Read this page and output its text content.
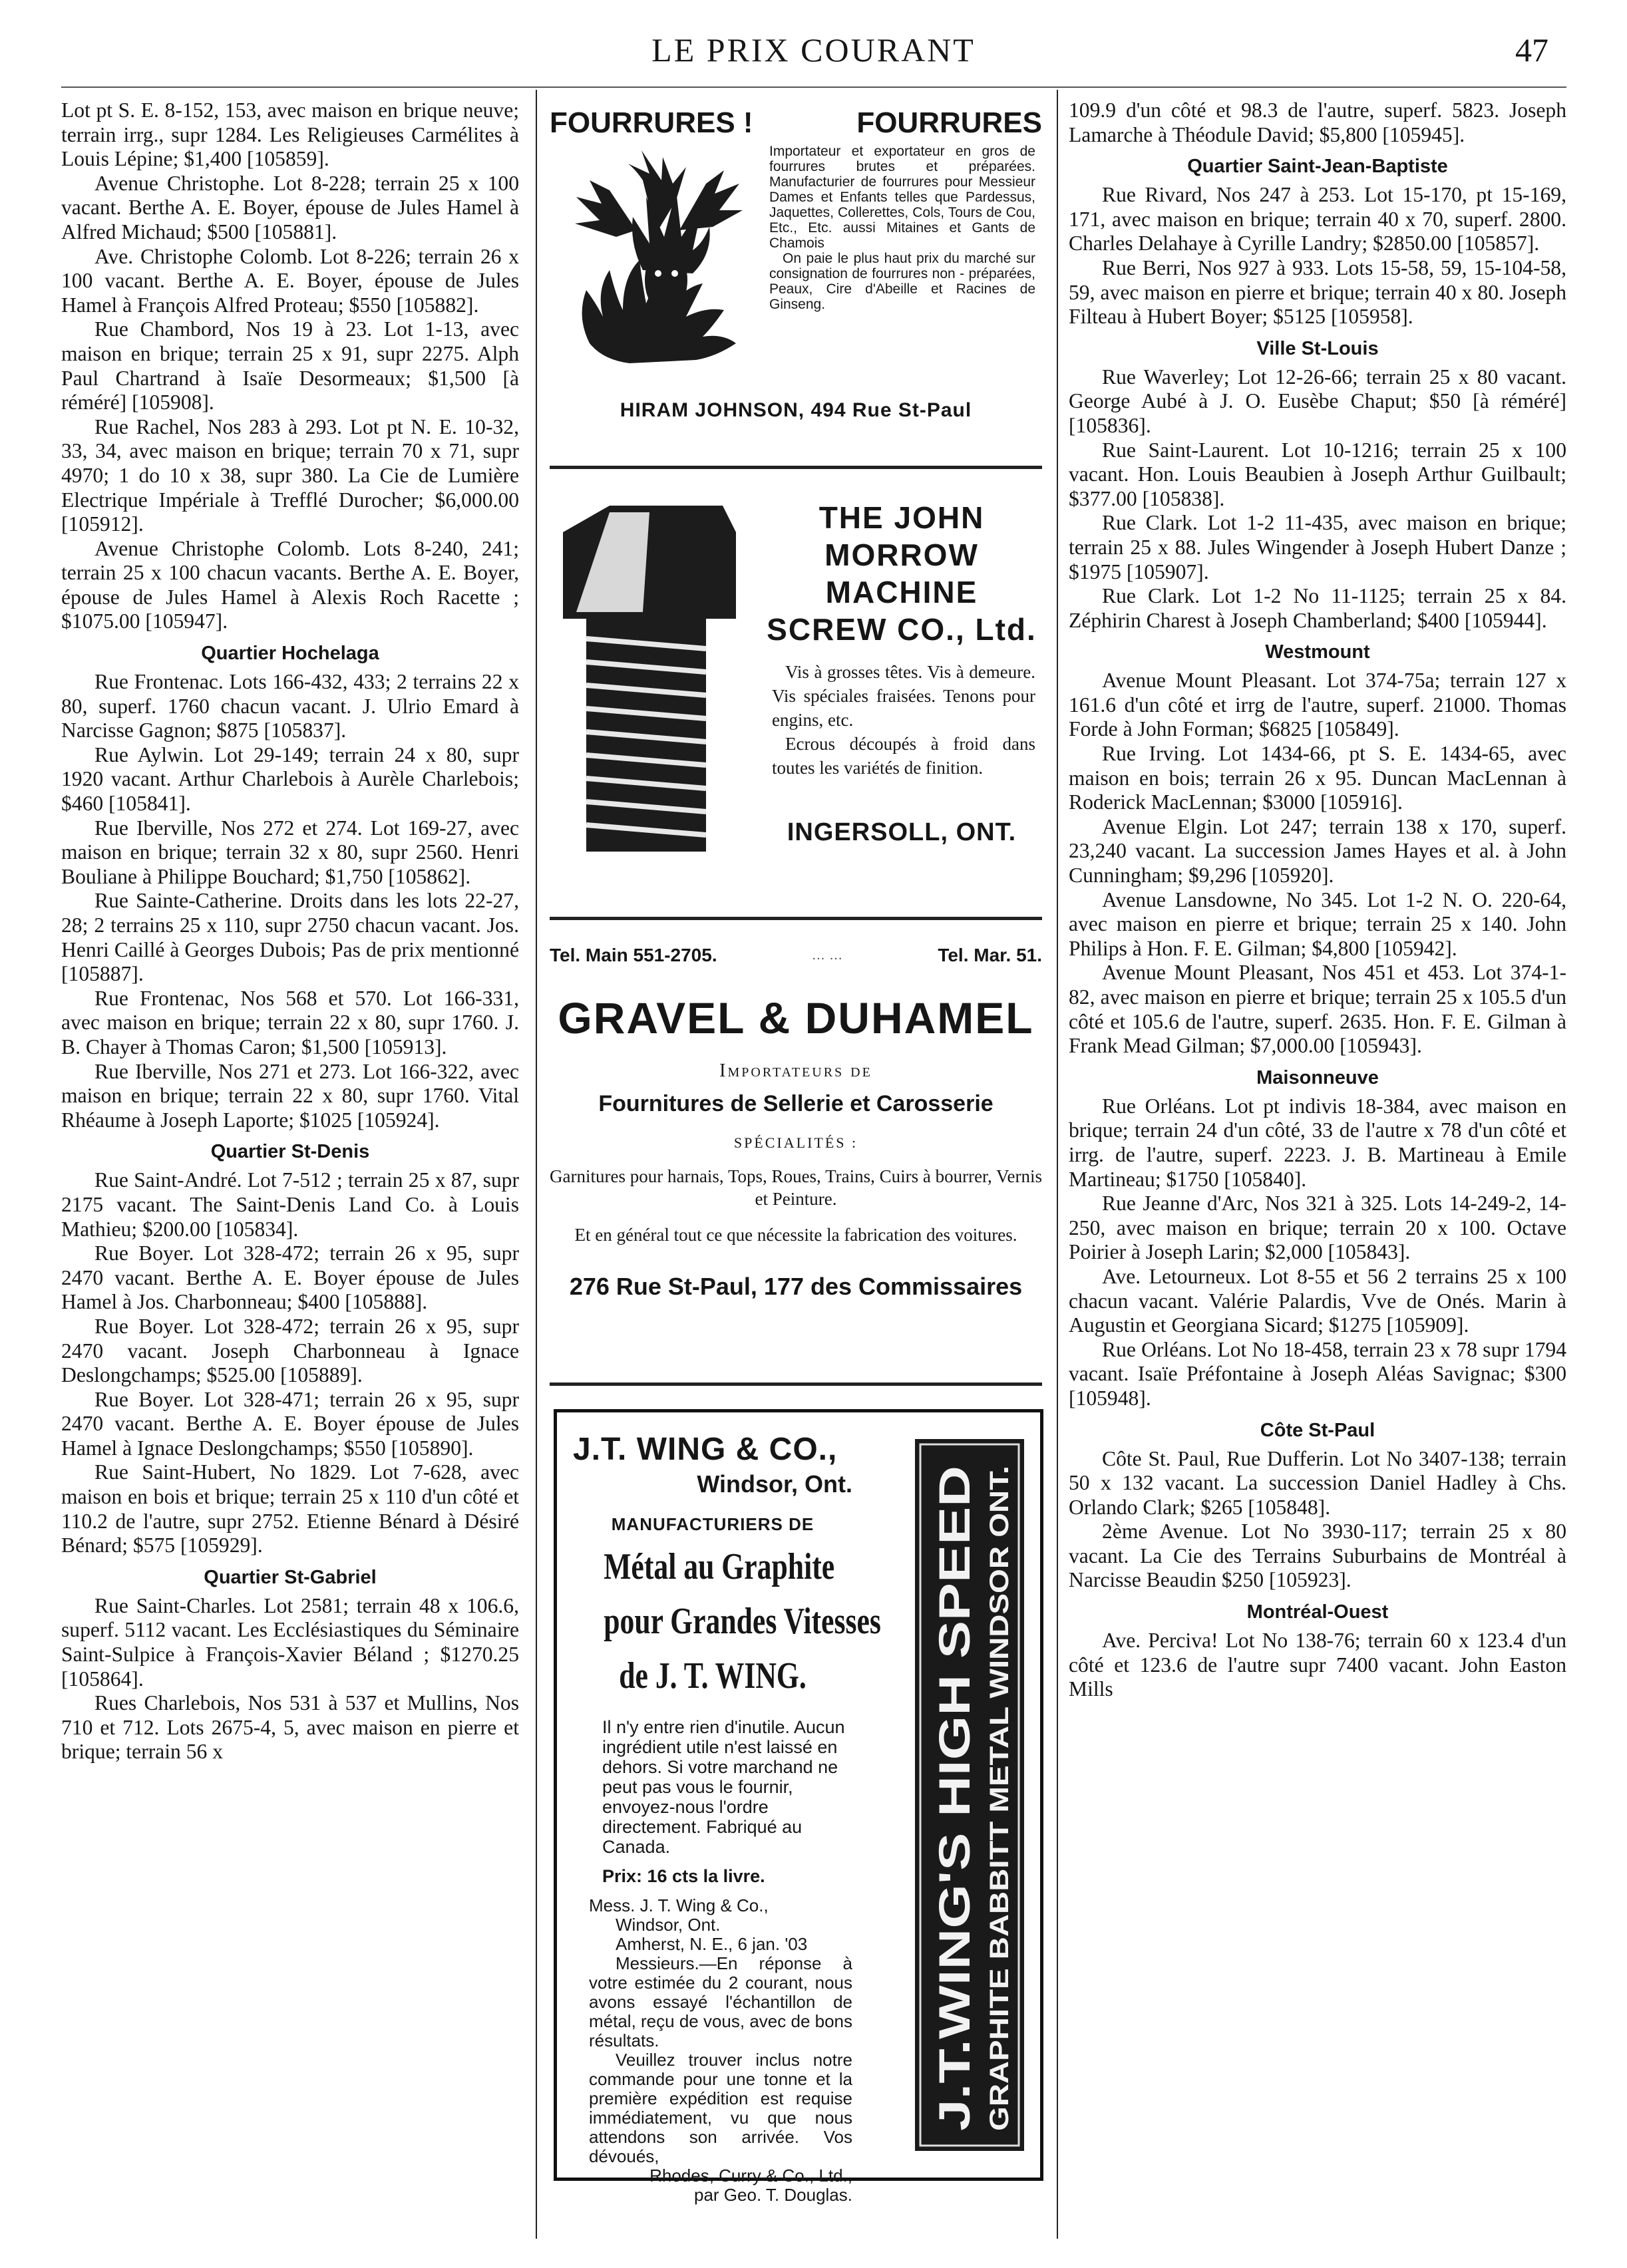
LE PRIX COURANT	47

Lot pt S. E. 8-152, 153, avec maison en brique neuve; terrain irrg., supr 1284. Les Religieuses Carmélites à Louis Lépine; $1,400 [105859].

Avenue Christophe. Lot 8-228; terrain 25 x 100 vacant. Berthe A. E. Boyer, épouse de Jules Hamel à Alfred Michaud; $500 [105881].

Ave. Christophe Colomb. Lot 8-226; terrain 26 x 100 vacant. Berthe A. E. Boyer, épouse de Jules Hamel à François Alfred Proteau; $550 [105882].

Rue Chambord, Nos 19 à 23. Lot 1-13, avec maison en brique; terrain 25 x 91, supr 2275. Alph Paul Chartrand à Isaïe Desormeaux; $1,500 [à réméré] [105908].

Rue Rachel, Nos 283 à 293. Lot pt N. E. 10-32, 33, 34, avec maison en brique; terrain 70 x 71, supr 4970; 1 do 10 x 38, supr 380. La Cie de Lumière Electrique Impériale à Trefflé Durocher; $6,000.00 [105912].

Avenue Christophe Colomb. Lots 8-240, 241; terrain 25 x 100 chacun vacants. Berthe A. E. Boyer, épouse de Jules Hamel à Alexis Roch Racette ; $1075.00 [105947].

Quartier Hochelaga

Rue Frontenac. Lots 166-432, 433; 2 terrains 22 x 80, superf. 1760 chacun vacant. J. Ulrio Emard à Narcisse Gagnon; $875 [105837].

Rue Aylwin. Lot 29-149; terrain 24 x 80, supr 1920 vacant. Arthur Charlebois à Aurèle Charlebois; $460 [105841].

Rue Iberville, Nos 272 et 274. Lot 169-27, avec maison en brique; terrain 32 x 80, supr 2560. Henri Bouliane à Philippe Bouchard; $1,750 [105862].

Rue Sainte-Catherine. Droits dans les lots 22-27, 28; 2 terrains 25 x 110, supr 2750 chacun vacant. Jos. Henri Caillé à Georges Dubois; Pas de prix mentionné [105887].

Rue Frontenac, Nos 568 et 570. Lot 166-331, avec maison en brique; terrain 22 x 80, supr 1760. J. B. Chayer à Thomas Caron; $1,500 [105913].

Rue Iberville, Nos 271 et 273. Lot 166-322, avec maison en brique; terrain 22 x 80, supr 1760. Vital Rhéaume à Joseph Laporte; $1025 [105924].

Quartier St-Denis

Rue Saint-André. Lot 7-512 ; terrain 25 x 87, supr 2175 vacant. The Saint-Denis Land Co. à Louis Mathieu; $200.00 [105834].

Rue Boyer. Lot 328-472; terrain 26 x 95, supr 2470 vacant. Berthe A. E. Boyer épouse de Jules Hamel à Jos. Charbonneau; $400 [105888].

Rue Boyer. Lot 328-472; terrain 26 x 95, supr 2470 vacant. Joseph Charbonneau à Ignace Deslongchamps; $525.00 [105889].

Rue Boyer. Lot 328-471; terrain 26 x 95, supr 2470 vacant. Berthe A. E. Boyer épouse de Jules Hamel à Ignace Deslongchamps; $550 [105890].

Rue Saint-Hubert, No 1829. Lot 7-628, avec maison en bois et brique; terrain 25 x 110 d'un côté et 110.2 de l'autre, supr 2752. Etienne Bénard à Désiré Bénard; $575 [105929].

Quartier St-Gabriel

Rue Saint-Charles. Lot 2581; terrain 48 x 106.6, superf. 5112 vacant. Les Ecclésiastiques du Séminaire Saint-Sulpice à François-Xavier Béland ; $1270.25 [105864].

Rues Charlebois, Nos 531 à 537 et Mullins, Nos 710 et 712. Lots 2675-4, 5, avec maison en pierre et brique; terrain 56 x

109.9 d'un côté et 98.3 de l'autre, superf. 5823. Joseph Lamarche à Théodule David; $5,800 [105945].

Quartier Saint-Jean-Baptiste

Rue Rivard, Nos 247 à 253. Lot 15-170, pt 15-169, 171, avec maison en brique; terrain 40 x 70, superf. 2800. Charles Delahaye à Cyrille Landry; $2850.00 [105857].

Rue Berri, Nos 927 à 933. Lots 15-58, 59, 15-104-58, 59, avec maison en pierre et brique; terrain 40 x 80. Joseph Filteau à Hubert Boyer; $5125 [105958].

Ville St-Louis

Rue Waverley; Lot 12-26-66; terrain 25 x 80 vacant. George Aubé à J. O. Eusèbe Chaput; $50 [à réméré] [105836].

Rue Saint-Laurent. Lot 10-1216; terrain 25 x 100 vacant. Hon. Louis Beaubien à Joseph Arthur Guilbault; $377.00 [105838].

Rue Clark. Lot 1-2 11-435, avec maison en brique; terrain 25 x 88. Jules Wingender à Joseph Hubert Danze ; $1975 [105907].

Rue Clark. Lot 1-2 No 11-1125; terrain 25 x 84. Zéphirin Charest à Joseph Chamberland; $400 [105944].

Westmount

Avenue Mount Pleasant. Lot 374-75a; terrain 127 x 161.6 d'un côté et irrg de l'autre, superf. 21000. Thomas Forde à John Forman; $6825 [105849].

Rue Irving. Lot 1434-66, pt S. E. 1434-65, avec maison en bois; terrain 26 x 95. Duncan MacLennan à Roderick MacLennan; $3000 [105916].

Avenue Elgin. Lot 247; terrain 138 x 170, superf. 23,240 vacant. La succession James Hayes et al. à John Cunningham; $9,296 [105920].

Avenue Lansdowne, No 345. Lot 1-2 N. O. 220-64, avec maison en pierre et brique; terrain 25 x 140. John Philips à Hon. F. E. Gilman; $4,800 [105942].

Avenue Mount Pleasant, Nos 451 et 453. Lot 374-1-82, avec maison en pierre et brique; terrain 25 x 105.5 d'un côté et 105.6 de l'autre, superf. 2635. Hon. F. E. Gilman à Frank Mead Gilman; $7,000.00 [105943].

Maisonneuve

Rue Orléans. Lot pt indivis 18-384, avec maison en brique; terrain 24 d'un côté, 33 de l'autre x 78 d'un côté et irrg. de l'autre, superf. 2223. J. B. Martineau à Emile Martineau; $1750 [105840].

Rue Jeanne d'Arc, Nos 321 à 325. Lots 14-249-2, 14-250, avec maison en brique; terrain 20 x 100. Octave Poirier à Joseph Larin; $2,000 [105843].

Ave. Letourneux. Lot 8-55 et 56 2 terrains 25 x 100 chacun vacant. Valérie Palardis, Vve de Onés. Marin à Augustin et Georgiana Sicard; $1275 [105909].

Rue Orléans. Lot No 18-458, terrain 23 x 78 supr 1794 vacant. Isaïe Préfontaine à Joseph Aléas Savignac; $300 [105948].

Côte St-Paul

Côte St. Paul, Rue Dufferin. Lot No 3407-138; terrain 50 x 132 vacant. La succession Daniel Hadley à Chs. Orlando Clark; $265 [105848].

2ème Avenue. Lot No 3930-117; terrain 25 x 80 vacant. La Cie des Terrains Suburbains de Montréal à Narcisse Beaudin $250 [105923].

Montréal-Ouest

Ave. Perciva! Lot No 138-76; terrain 60 x 123.4 d'un côté et 123.6 de l'autre supr 7400 vacant. John Easton Mills

FOURRURES !	FOURRURES

Importateur et exportateur en gros de fourrures brutes et préparées. Manufacturier de fourrures pour Messieur Dames et Enfants telles que Pardessus, Jaquettes, Collerettes, Cols, Tours de Cou, Etc., Etc. aussi Mitaines et Gants de Chamois

On paie le plus haut prix du marché sur consignation de fourrures non - préparées, Peaux, Cire d'Abeille et Racines de Ginseng.

HIRAM JOHNSON, 494 Rue St-Paul
THE JOHN MORROW MACHINE SCREW CO., Ltd.

Vis à grosses têtes. Vis à demeure. Vis spéciales fraisées. Tenons pour engins, etc.

Ecrous découpés à froid dans toutes les variétés de finition.

INGERSOLL, ONT.
Tel. Main 551-2705.	... ...	Tel. Mar. 51.
GRAVEL & DUHAMEL
Importateurs de
Fournitures de Sellerie et Carosserie
SPÉCIALITÉS :
Garnitures pour harnais, Tops, Roues, Trains, Cuirs à bourrer, Vernis et Peinture.
Et en général tout ce que nécessite la fabrication des voitures.
276 Rue St-Paul, 177 des Commissaires
J.T. WING & CO.,
Windsor, Ont.
MANUFACTURIERS DE
Métal au Graphite
pour Grandes Vitesses
de J. T. WING.
Il n'y entre rien d'inutile. Aucun ingrédient utile n'est laissé en dehors. Si votre marchand ne peut pas vous le fournir, envoyez-nous l'ordre directement. Fabriqué au Canada.
Prix: 16 cts la livre.

Mess. J. T. Wing & Co.,

Windsor, Ont.

Amherst, N. E., 6 jan. '03

Messieurs.—En réponse à votre estimée du 2 courant, nous avons essayé l'échantillon de métal, reçu de vous, avec de bons résultats.

Veuillez trouver inclus notre commande pour une tonne et la première expédition est requise immédiatement, vu que nous attendons son arrivée. Vos dévoués,

Rhodes, Curry & Co., Ltd.,

par Geo. T. Douglas.

J.T.WING'S HIGH SPEED GRAPHITE BABBITT METAL WINDSOR ONT.
